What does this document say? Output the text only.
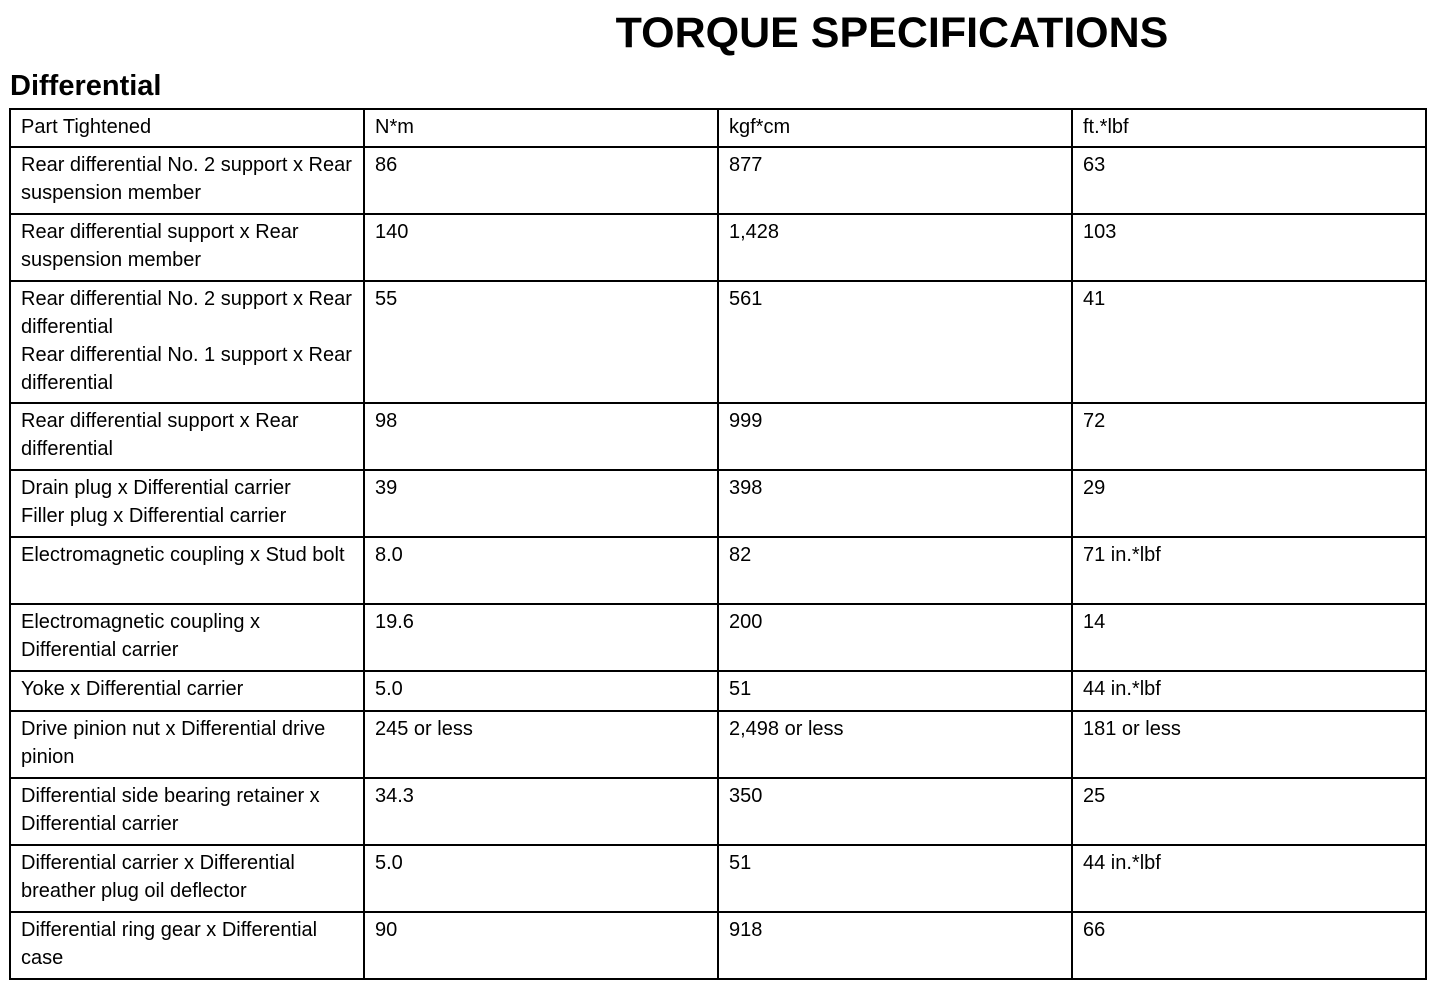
TORQUE SPECIFICATIONS
Differential
Part Tightened	N*m	kgf*cm	ft.*lbf

Rear differential No. 2 support x Rear suspension member	86	877	63

Rear differential support x Rear suspension member	140	1,428	103

Rear differential No. 2 support x Rear differential
Rear differential No. 1 support x Rear differential	55	561	41

Rear differential support x Rear differential	98	999	72

Drain plug x Differential carrier
Filler plug x Differential carrier	39	398	29

Electromagnetic coupling x Stud bolt	8.0	82	71 in.*lbf

Electromagnetic coupling x Differential carrier	19.6	200	14

Yoke x Differential carrier	5.0	51	44 in.*lbf

Drive pinion nut x Differential drive pinion	245 or less	2,498 or less	181 or less

Differential side bearing retainer x Differential carrier	34.3	350	25

Differential carrier x Differential breather plug oil deflector	5.0	51	44 in.*lbf

Differential ring gear x Differential case	90	918	66
